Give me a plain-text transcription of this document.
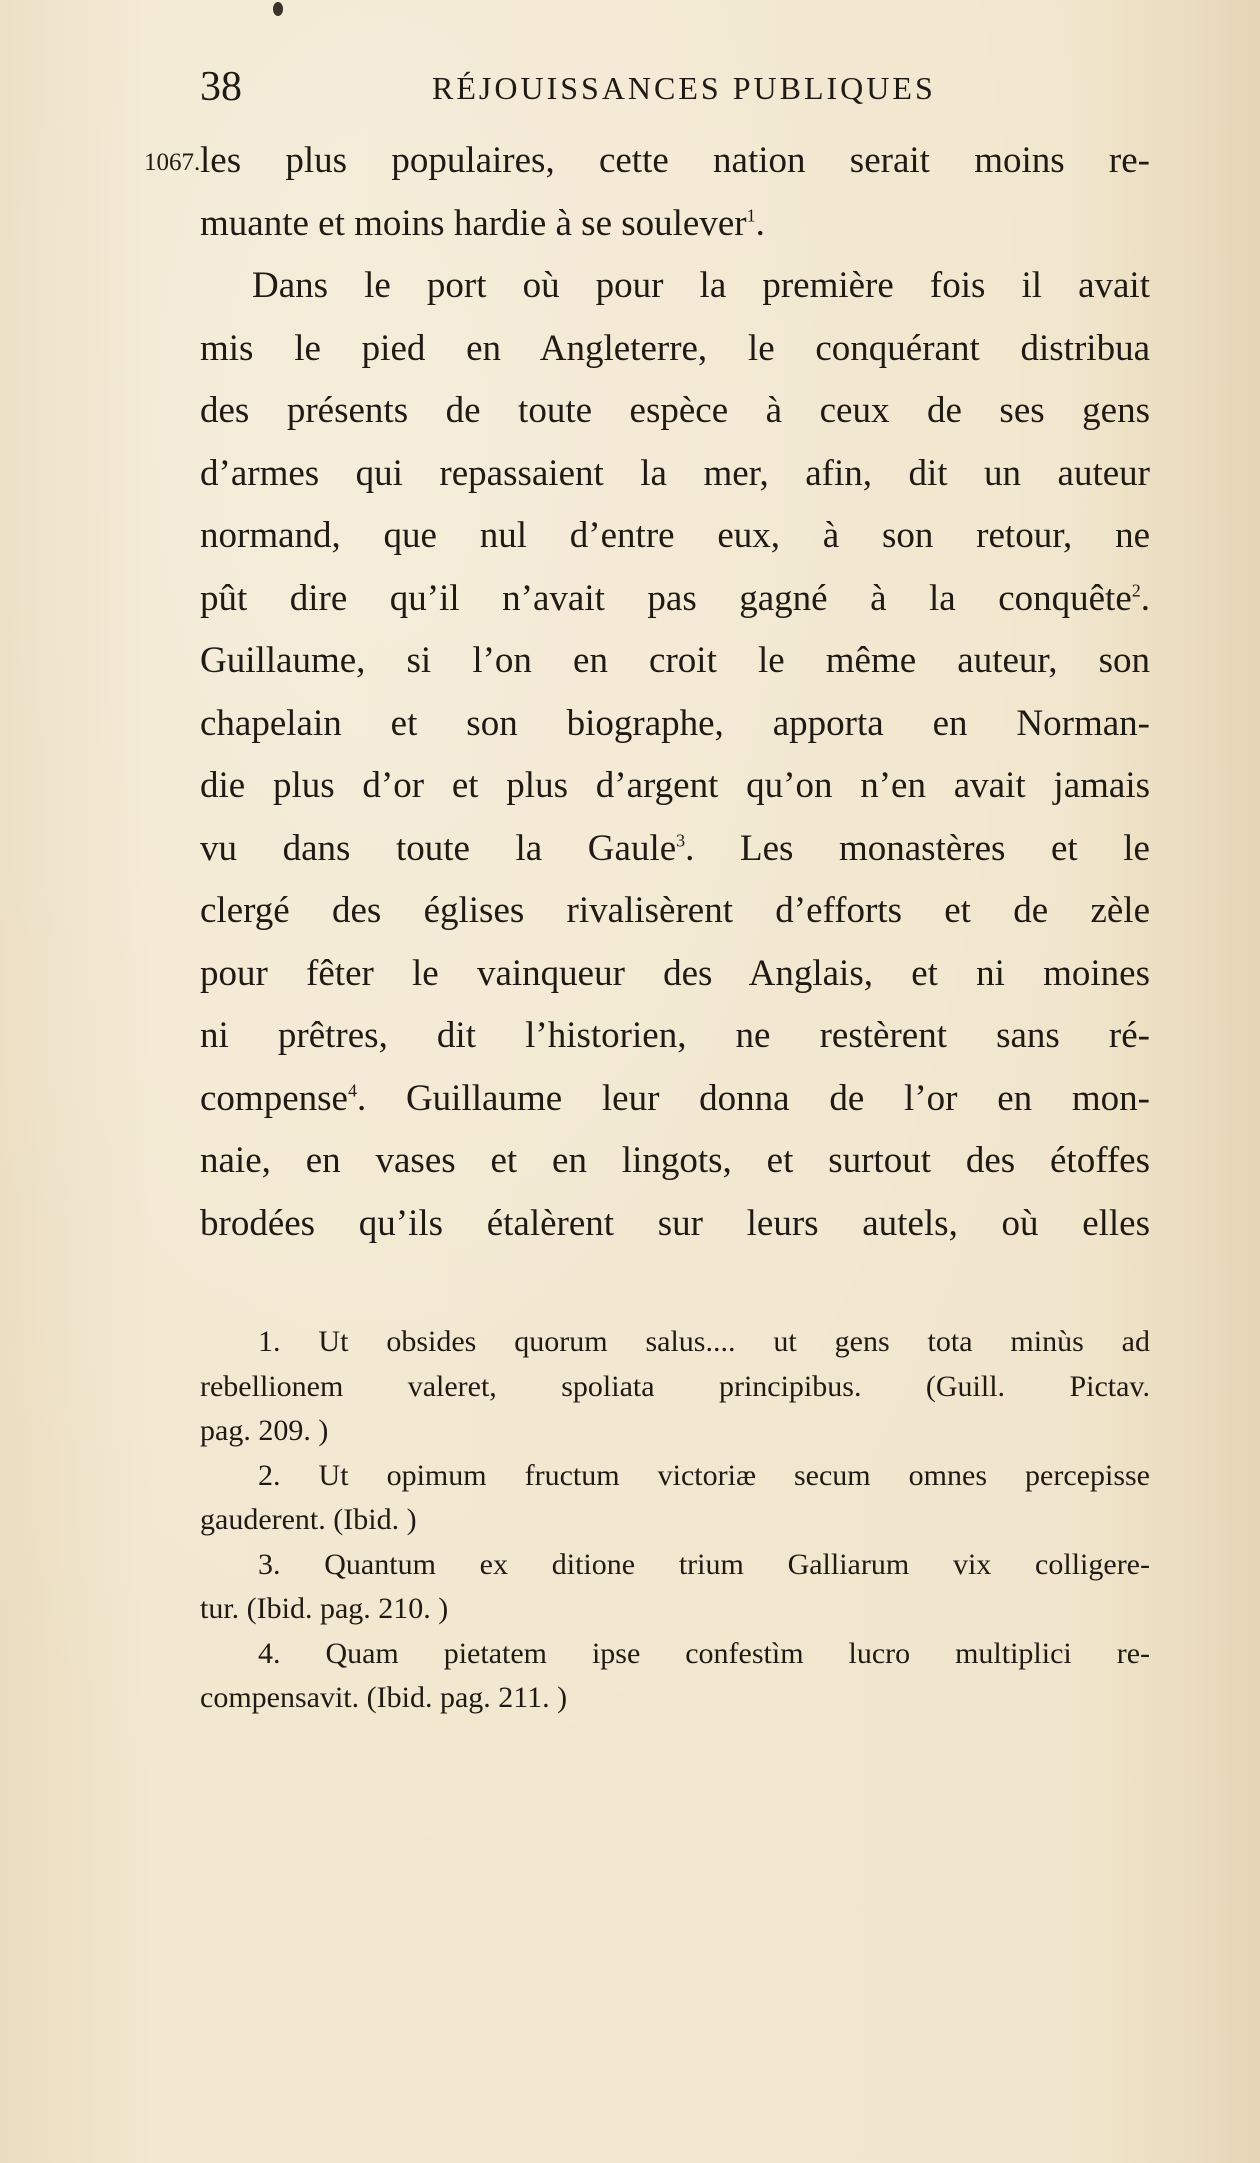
38	RÉJOUISSANCES PUBLIQUES
1067. les plus populaires, cette nation serait moins re-
muante et moins hardie à se soulever$^1$.
Dans le port où pour la première fois il avait
mis le pied en Angleterre, le conquérant distribua
des présents de toute espèce à ceux de ses gens
d’armes qui repassaient la mer, afin, dit un auteur
normand, que nul d’entre eux, à son retour, ne
pût dire qu’il n’avait pas gagné à la conquête$^2$.
Guillaume, si l’on en croit le même auteur, son
chapelain et son biographe, apporta en Norman-
die plus d’or et plus d’argent qu’on n’en avait jamais
vu dans toute la Gaule$^3$. Les monastères et le
clergé des églises rivalisèrent d’efforts et de zèle
pour fêter le vainqueur des Anglais, et ni moines
ni prêtres, dit l’historien, ne restèrent sans ré-
compense$^4$. Guillaume leur donna de l’or en mon-
naie, en vases et en lingots, et surtout des étoffes
brodées qu’ils étalèrent sur leurs autels, où elles
1. Ut obsides quorum salus.... ut gens tota minùs ad
rebellionem valeret, spoliata principibus. (Guill. Pictav.
pag. 209. )
2. Ut opimum fructum victoriæ secum omnes percepisse
gauderent. (Ibid. )
3. Quantum ex ditione trium Galliarum vix colligere-
tur. (Ibid. pag. 210. )
4. Quam pietatem ipse confestìm lucro multiplici re-
compensavit. (Ibid. pag. 211. )
